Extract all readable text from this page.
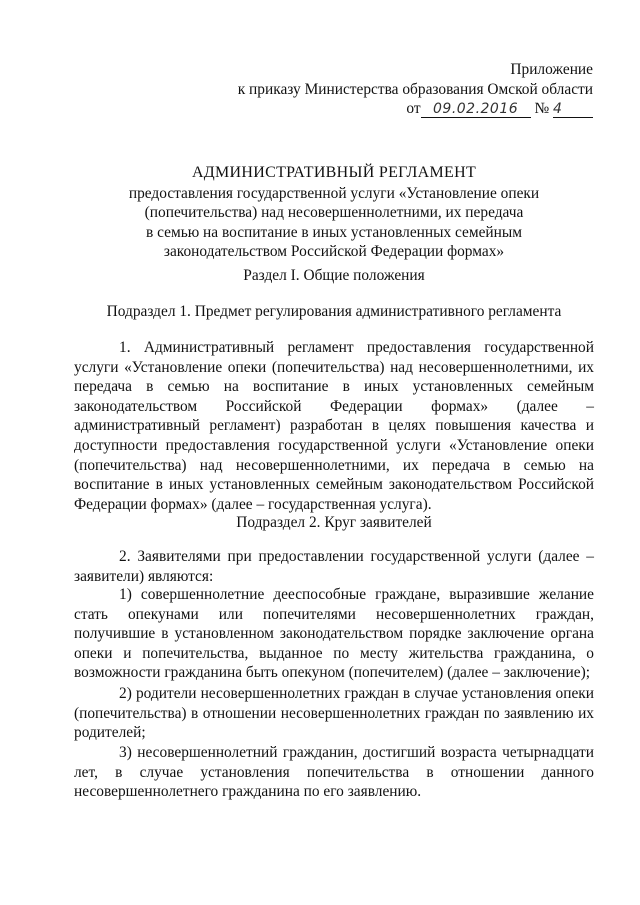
Приложение
к приказу Министерства образования Омской области
от 09.02.2016 № 4
АДМИНИСТРАТИВНЫЙ РЕГЛАМЕНТ
предоставления государственной услуги «Установление опеки
(попечительства) над несовершеннолетними, их передача
в семью на воспитание в иных установленных семейным
законодательством Российской Федерации формах»
Раздел I. Общие положения
Подраздел 1. Предмет регулирования административного регламента
1. Административный регламент предоставления государственной услуги «Установление опеки (попечительства) над несовершеннолетними, их передача в семью на воспитание в иных установленных семейным законодательством Российской Федерации формах» (далее – административный регламент) разработан в целях повышения качества и доступности предоставления государственной услуги «Установление опеки (попечительства) над несовершеннолетними, их передача в семью на воспитание в иных установленных семейным законодательством Российской Федерации формах» (далее – государственная услуга).
Подраздел 2. Круг заявителей
2. Заявителями при предоставлении государственной услуги (далее – заявители) являются:
1) совершеннолетние дееспособные граждане, выразившие желание стать опекунами или попечителями несовершеннолетних граждан, получившие в установленном законодательством порядке заключение органа опеки и попечительства, выданное по месту жительства гражданина, о возможности гражданина быть опекуном (попечителем) (далее – заключение);
2) родители несовершеннолетних граждан в случае установления опеки (попечительства) в отношении несовершеннолетних граждан по заявлению их родителей;
3) несовершеннолетний гражданин, достигший возраста четырнадцати лет, в случае установления попечительства в отношении данного несовершеннолетнего гражданина по его заявлению.
